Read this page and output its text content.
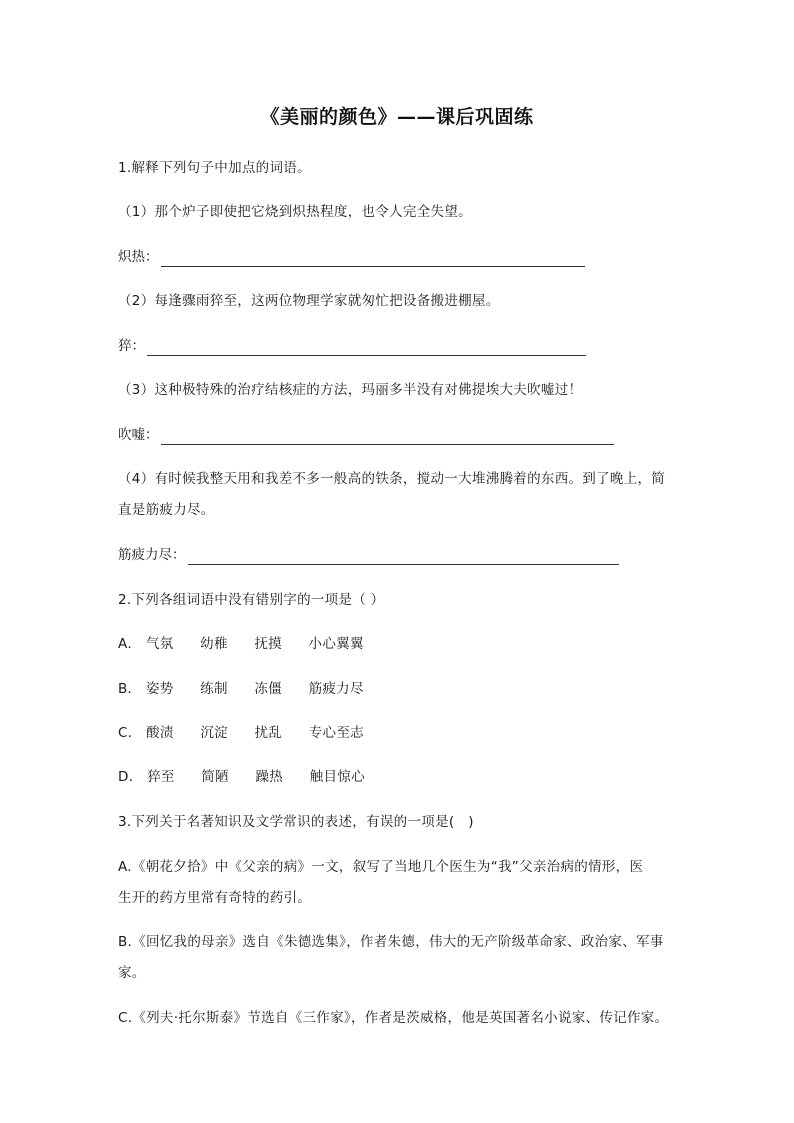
《美丽的颜色》——课后巩固练
1.解释下列句子中加点的词语。
（1）那个炉子即使把它烧到炽热程度，也令人完全失望。
炽热：
（2）每逢骤雨猝至，这两位物理学家就匆忙把设备搬进棚屋。
猝：
（3）这种极特殊的治疗结核症的方法，玛丽多半没有对佛提埃大夫吹嘘过！
吹嘘：
（4）有时候我整天用和我差不多一般高的铁条，搅动一大堆沸腾着的东西。到了晚上，简
直是筋疲力尽。
筋疲力尽：
2.下列各组词语中没有错别字的一项是（ ）
A． 气氛 幼稚 抚摸 小心翼翼
B． 姿势 练制 冻僵 筋疲力尽
C． 酸渍 沉淀 扰乱 专心至志
D． 猝至 简陋 躁热 触目惊心
3.下列关于名著知识及文学常识的表述，有误的一项是(　)
A.《朝花夕拾》中《父亲的病》一文，叙写了当地几个医生为“我”父亲治病的情形，医
生开的药方里常有奇特的药引。
B.《回忆我的母亲》选自《朱德选集》，作者朱德，伟大的无产阶级革命家、政治家、军事
家。
C.《列夫·托尔斯泰》节选自《三作家》，作者是茨威格，他是英国著名小说家、传记作家。
